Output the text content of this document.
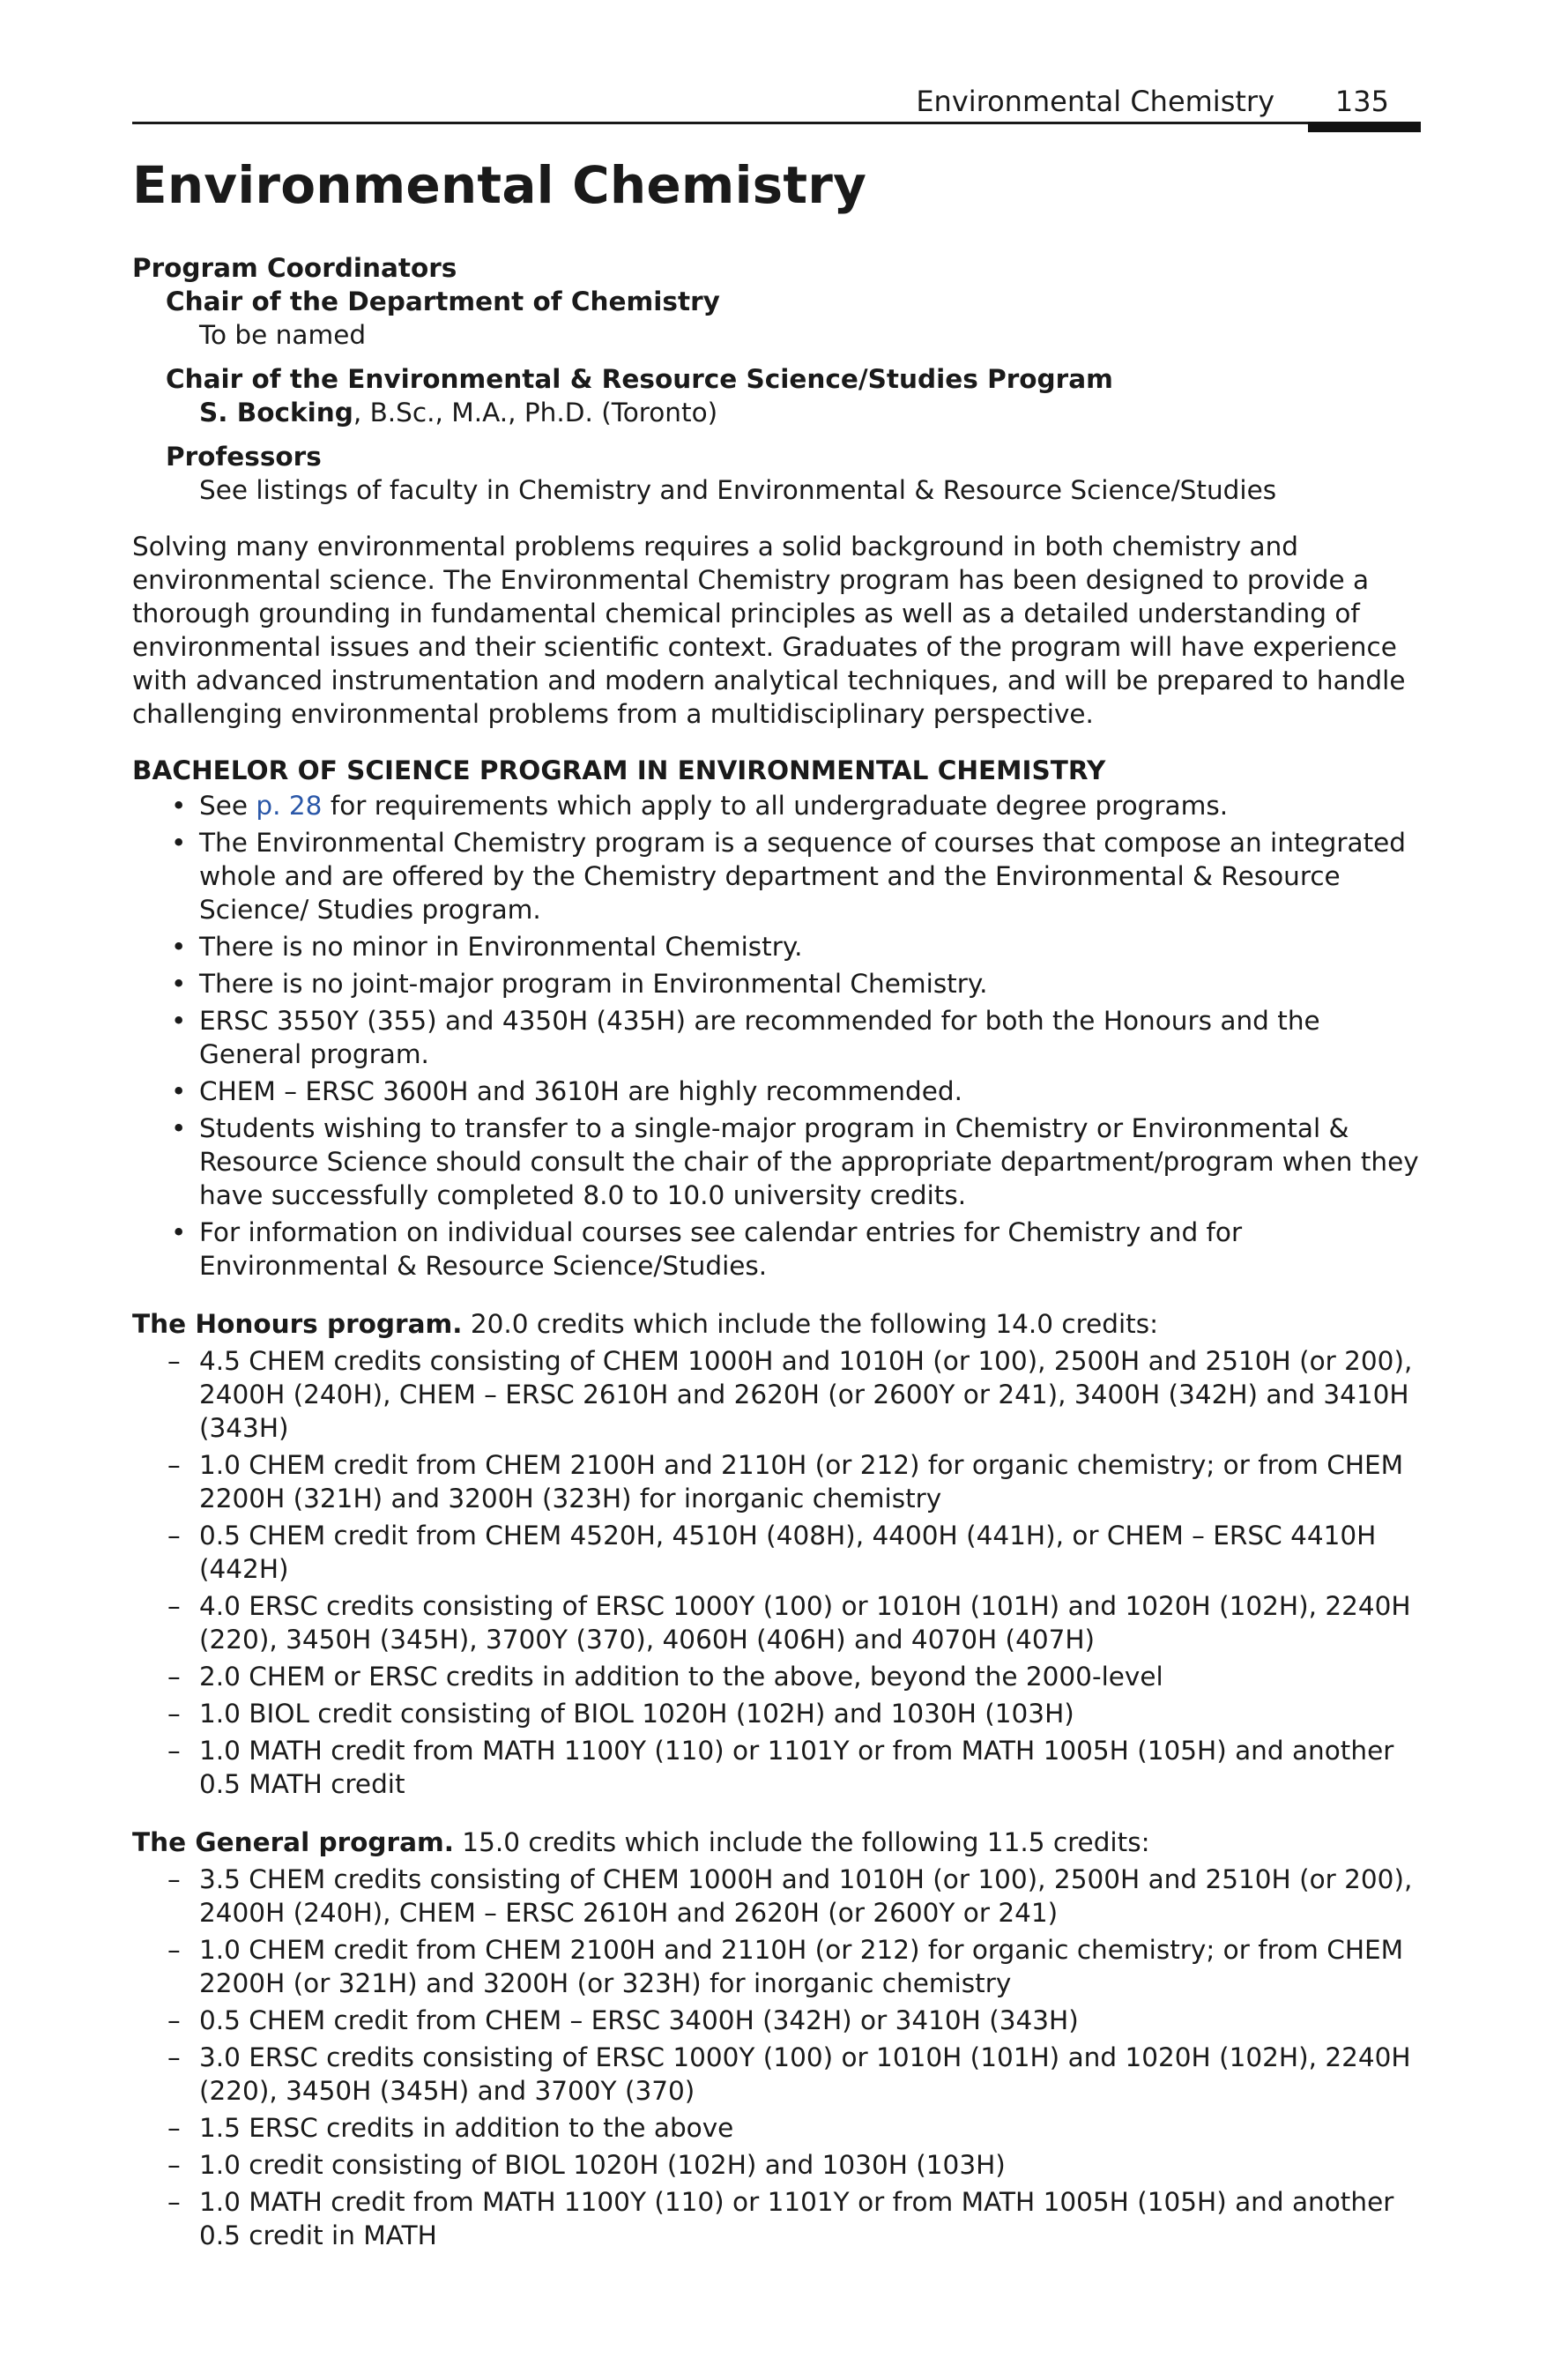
Environmental Chemistry 135
Environmental Chemistry

Program Coordinators

Chair of the Department of Chemistry

To be named

Chair of the Environmental & Resource Science/Studies Program

S. Bocking, B.Sc., M.A., Ph.D. (Toronto)

Professors

See listings of faculty in Chemistry and Environmental & Resource Science/Studies

Solving many environmental problems requires a solid background in both chemistry and environmental science. The Environmental Chemistry program has been designed to provide a thorough grounding in fundamental chemical principles as well as a detailed understanding of environmental issues and their scientific context. Graduates of the program will have experience with advanced instrumentation and modern analytical techniques, and will be prepared to handle challenging environmental problems from a multidisciplinary perspective.

BACHELOR OF SCIENCE PROGRAM IN ENVIRONMENTAL CHEMISTRY

• See p. 28 for requirements which apply to all undergraduate degree programs.
• The Environmental Chemistry program is a sequence of courses that compose an integrated whole and are offered by the Chemistry department and the Environmental & Resource Science/ Studies program.
• There is no minor in Environmental Chemistry.
• There is no joint-major program in Environmental Chemistry.
• ERSC 3550Y (355) and 4350H (435H) are recommended for both the Honours and the General program.
• CHEM – ERSC 3600H and 3610H are highly recommended.
• Students wishing to transfer to a single-major program in Chemistry or Environmental & Resource Science should consult the chair of the appropriate department/program when they have successfully completed 8.0 to 10.0 university credits.
• For information on individual courses see calendar entries for Chemistry and for Environmental & Resource Science/Studies.

The Honours program. 20.0 credits which include the following 14.0 credits:

– 4.5 CHEM credits consisting of CHEM 1000H and 1010H (or 100), 2500H and 2510H (or 200), 2400H (240H), CHEM – ERSC 2610H and 2620H (or 2600Y or 241), 3400H (342H) and 3410H (343H)
– 1.0 CHEM credit from CHEM 2100H and 2110H (or 212) for organic chemistry; or from CHEM 2200H (321H) and 3200H (323H) for inorganic chemistry
– 0.5 CHEM credit from CHEM 4520H, 4510H (408H), 4400H (441H), or CHEM – ERSC 4410H (442H)
– 4.0 ERSC credits consisting of ERSC 1000Y (100) or 1010H (101H) and 1020H (102H), 2240H (220), 3450H (345H), 3700Y (370), 4060H (406H) and 4070H (407H)
– 2.0 CHEM or ERSC credits in addition to the above, beyond the 2000-level
– 1.0 BIOL credit consisting of BIOL 1020H (102H) and 1030H (103H)
– 1.0 MATH credit from MATH 1100Y (110) or 1101Y or from MATH 1005H (105H) and another 0.5 MATH credit

The General program. 15.0 credits which include the following 11.5 credits:

– 3.5 CHEM credits consisting of CHEM 1000H and 1010H (or 100), 2500H and 2510H (or 200), 2400H (240H), CHEM – ERSC 2610H and 2620H (or 2600Y or 241)
– 1.0 CHEM credit from CHEM 2100H and 2110H (or 212) for organic chemistry; or from CHEM 2200H (or 321H) and 3200H (or 323H) for inorganic chemistry
– 0.5 CHEM credit from CHEM – ERSC 3400H (342H) or 3410H (343H)
– 3.0 ERSC credits consisting of ERSC 1000Y (100) or 1010H (101H) and 1020H (102H), 2240H (220), 3450H (345H) and 3700Y (370)
– 1.5 ERSC credits in addition to the above
– 1.0 credit consisting of BIOL 1020H (102H) and 1030H (103H)
– 1.0 MATH credit from MATH 1100Y (110) or 1101Y or from MATH 1005H (105H) and another 0.5 credit in MATH
